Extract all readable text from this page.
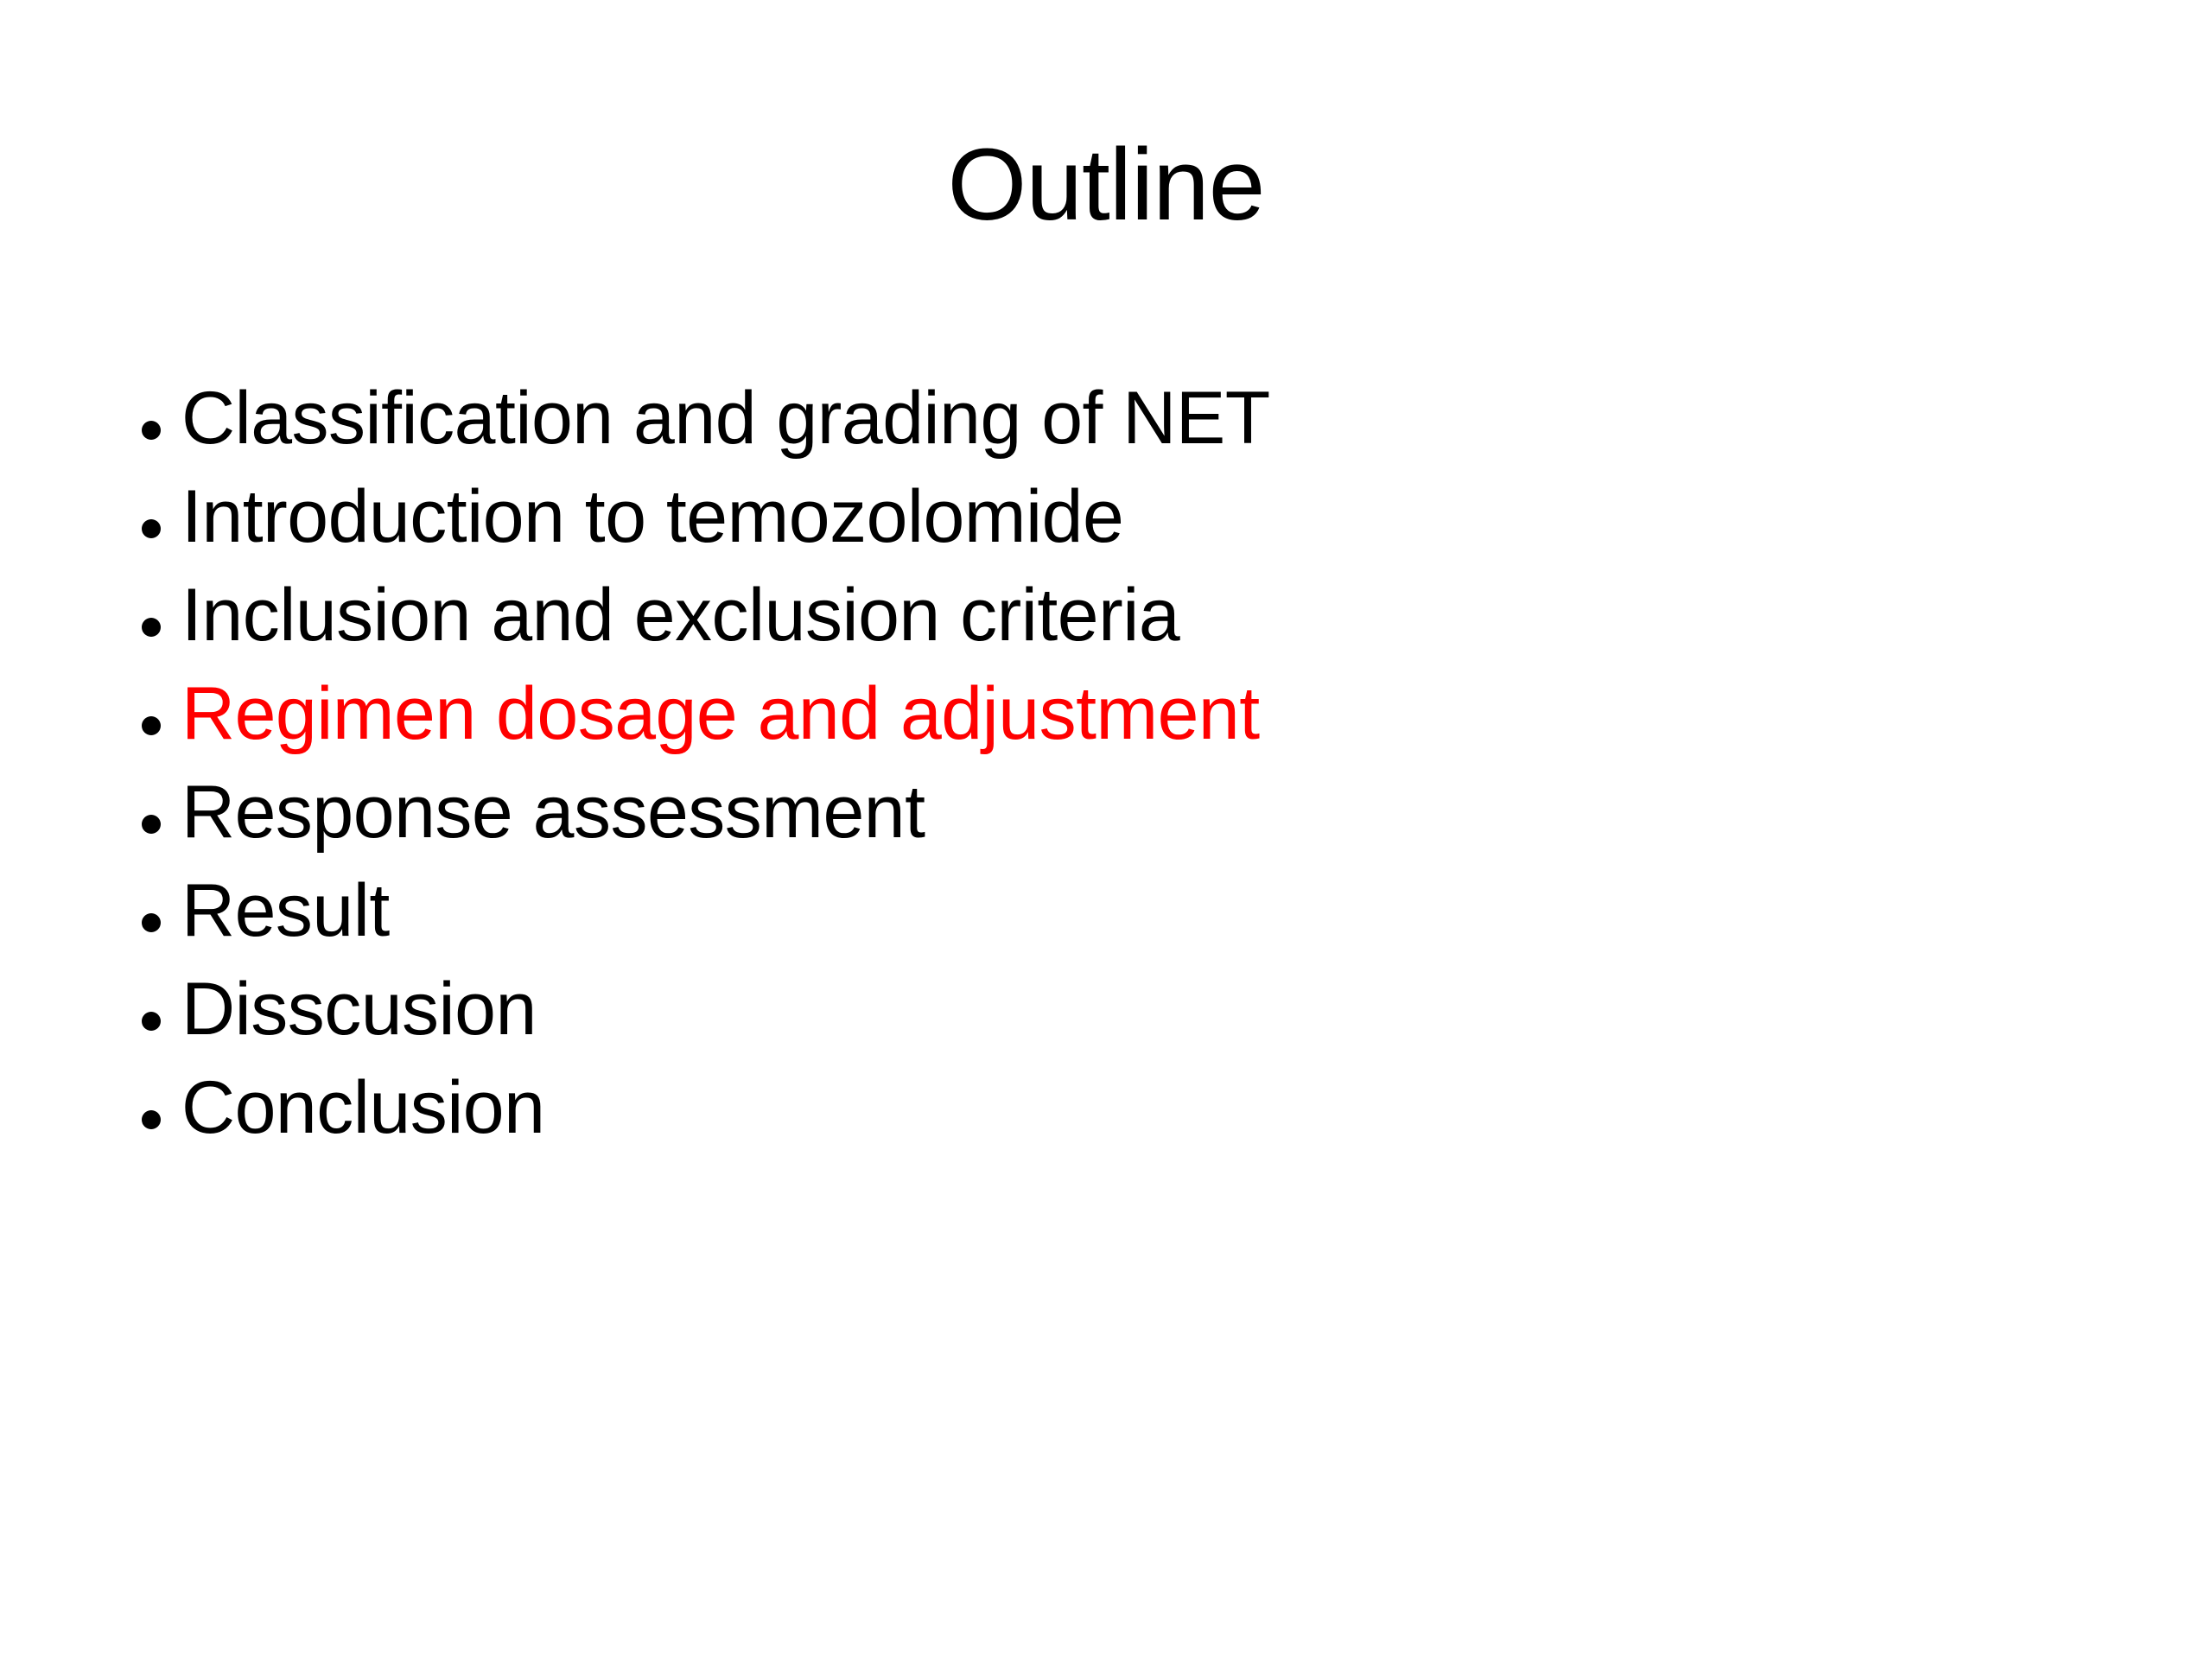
Outline
Classification and grading of NET
Introduction to temozolomide
Inclusion and exclusion criteria
Regimen dosage and adjustment
Response assessment
Result
Disscusion
Conclusion
